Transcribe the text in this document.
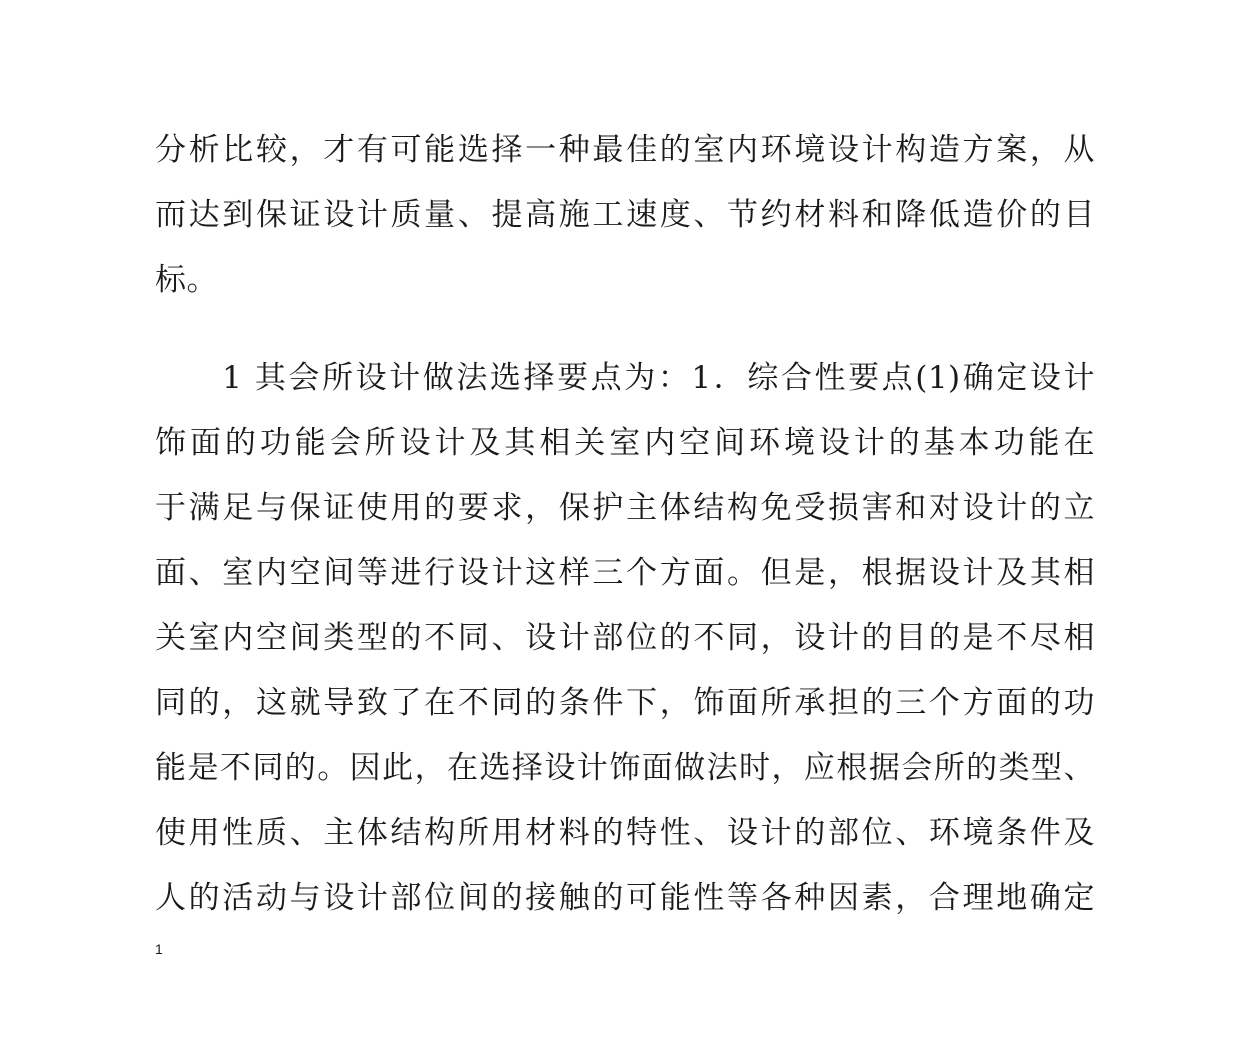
分析比较，才有可能选择一种最佳的室内环境设计构造方案，从
而达到保证设计质量、提高施工速度、节约材料和降低造价的目
标。
　　1 其会所设计做法选择要点为：1．综合性要点(1)确定设计
饰面的功能会所设计及其相关室内空间环境设计的基本功能在
于满足与保证使用的要求，保护主体结构免受损害和对设计的立
面、室内空间等进行设计这样三个方面。但是，根据设计及其相
关室内空间类型的不同、设计部位的不同，设计的目的是不尽相
同的，这就导致了在不同的条件下，饰面所承担的三个方面的功
能是不同的。因此，在选择设计饰面做法时，应根据会所的类型、
使用性质、主体结构所用材料的特性、设计的部位、环境条件及
人的活动与设计部位间的接触的可能性等各种因素，合理地确定
1
